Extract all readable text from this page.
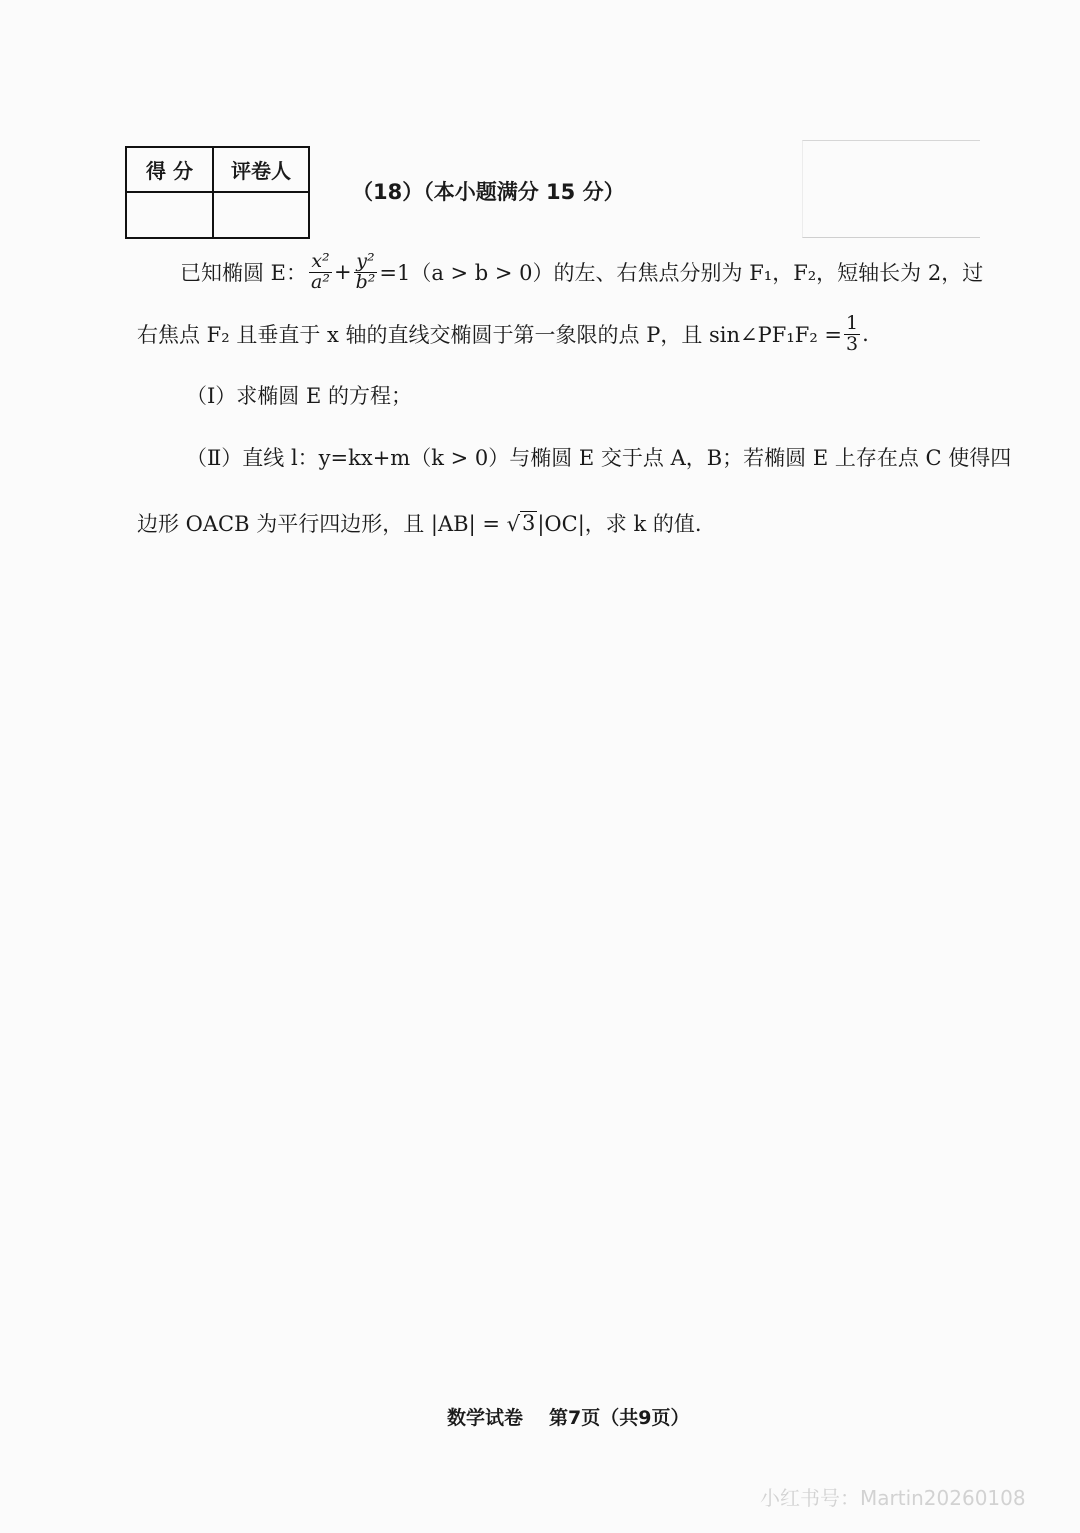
得 分	评卷人
（18）（本小题满分 15 分）
已知椭圆 E： $\frac{\text{x²}}{\text{a²}} + \frac{\text{y²}}{\text{b²}} =1(a > b > 0)$的左、右焦点分别为 F₁，F₂，短轴长为 2，过
右焦点 F₂ 且垂直于 x 轴的直线交椭圆于第一象限的点 P，且 sin∠PF₁F₂ = $\frac{1}{3}$ .
（Ⅰ）求椭圆 E 的方程；
（Ⅱ）直线 l：y=kx+m（k > 0）与椭圆 E 交于点 A，B；若椭圆 E 上存在点 C 使得四
边形 OACB 为平行四边形，且 |AB| = √ 3 |OC|，求 k 的值.
数学试卷 第7页（共9页）
小红书号：Martin20260108
